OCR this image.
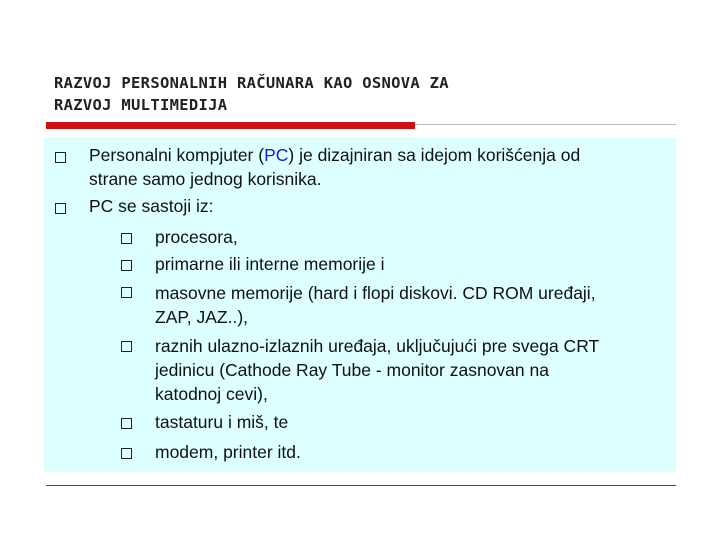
RAZVOJ PERSONALNIH RAČUNARA KAO OSNOVA ZA
RAZVOJ MULTIMEDIJA
Personalni kompjuter (PC) je dizajniran sa idejom korišćenja od
strane samo jednog korisnika.
PC se sastoji iz:
procesora,
primarne ili interne memorije i
masovne memorije (hard i flopi diskovi. CD ROM uređaji,
ZAP, JAZ..),
raznih ulazno-izlaznih uređaja, uključujući pre svega CRT
jedinicu (Cathode Ray Tube - monitor zasnovan na
katodnoj cevi),
tastaturu i miš, te
modem, printer itd.
